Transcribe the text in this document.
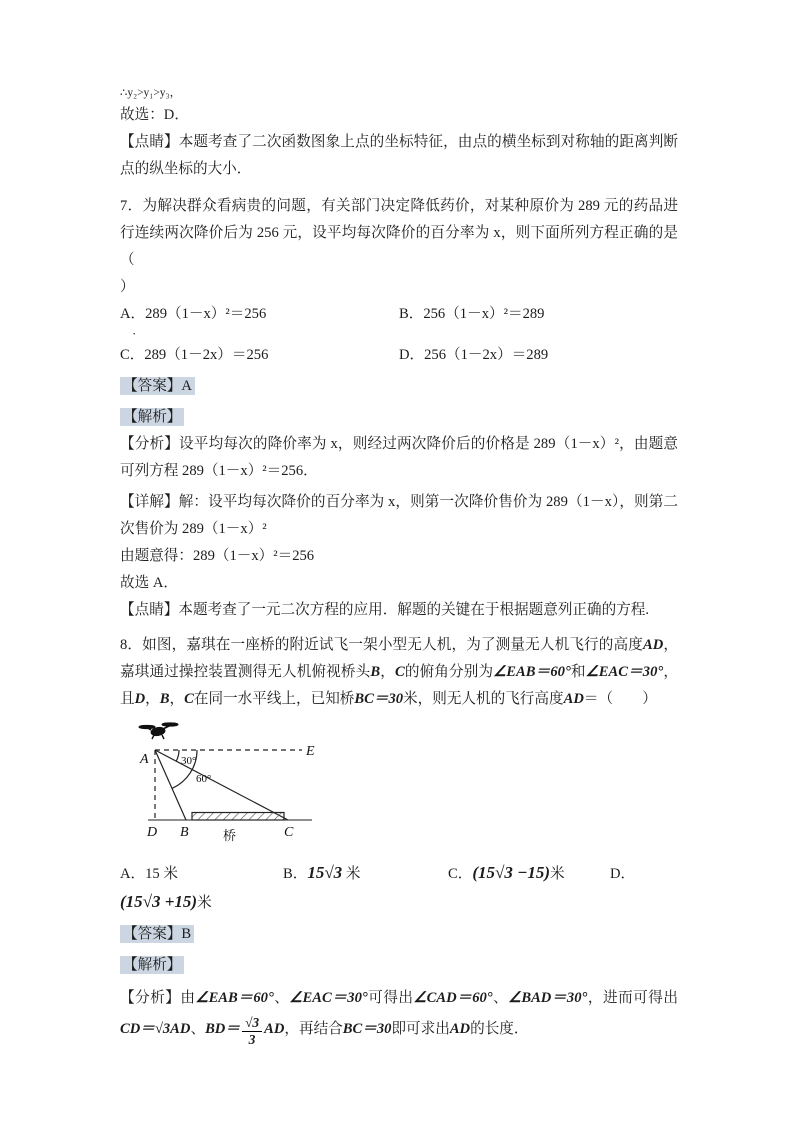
∴y₂>y₁>y₃，
故选：D．
【点睛】本题考查了二次函数图象上点的坐标特征，由点的横坐标到对称轴的距离判断点的纵坐标的大小．
7．为解决群众看病贵的问题，有关部门决定降低药价，对某种原价为 289 元的药品进行连续两次降价后为 256 元，设平均每次降价的百分率为 x，则下面所列方程正确的是（
）
A．289（1－x）²＝256	B．256（1－x）²＝289
·
C．289（1－2x）＝256	D．256（1－2x）＝289
【答案】A
【解析】
【分析】设平均每次的降价率为 x，则经过两次降价后的价格是 289（1－x）²，由题意可列方程 289（1－x）²＝256．
【详解】解：设平均每次降价的百分率为 x，则第一次降价售价为 289（1－x），则第二次售价为 289（1－x）²
由题意得：289（1－x）²＝256
故选 A．
【点睛】本题考查了一元二次方程的应用．解题的关键在于根据题意列正确的方程.
8．如图，嘉琪在一座桥的附近试飞一架小型无人机，为了测量无人机飞行的高度AD，嘉琪通过操控装置测得无人机俯视桥头B，C的俯角分别为∠EAB＝60°和∠EAC＝30°，且D，B，C在同一水平线上，已知桥BC＝30米，则无人机的飞行高度AD＝（　　）
A
E
30°
60°
D B	C
桥
A．15 米	B．15√3 米	C．(15√3 −15)米	D．
(15√3 +15)米
【答案】B
【解析】
【分析】由∠EAB＝60°、∠EAC＝30°可得出∠CAD＝60°、∠BAD＝30°，进而可得出CD＝√3AD、$BD= \frac{√3}{3}$ AD，再结合BC＝30即可求出AD的长度．
